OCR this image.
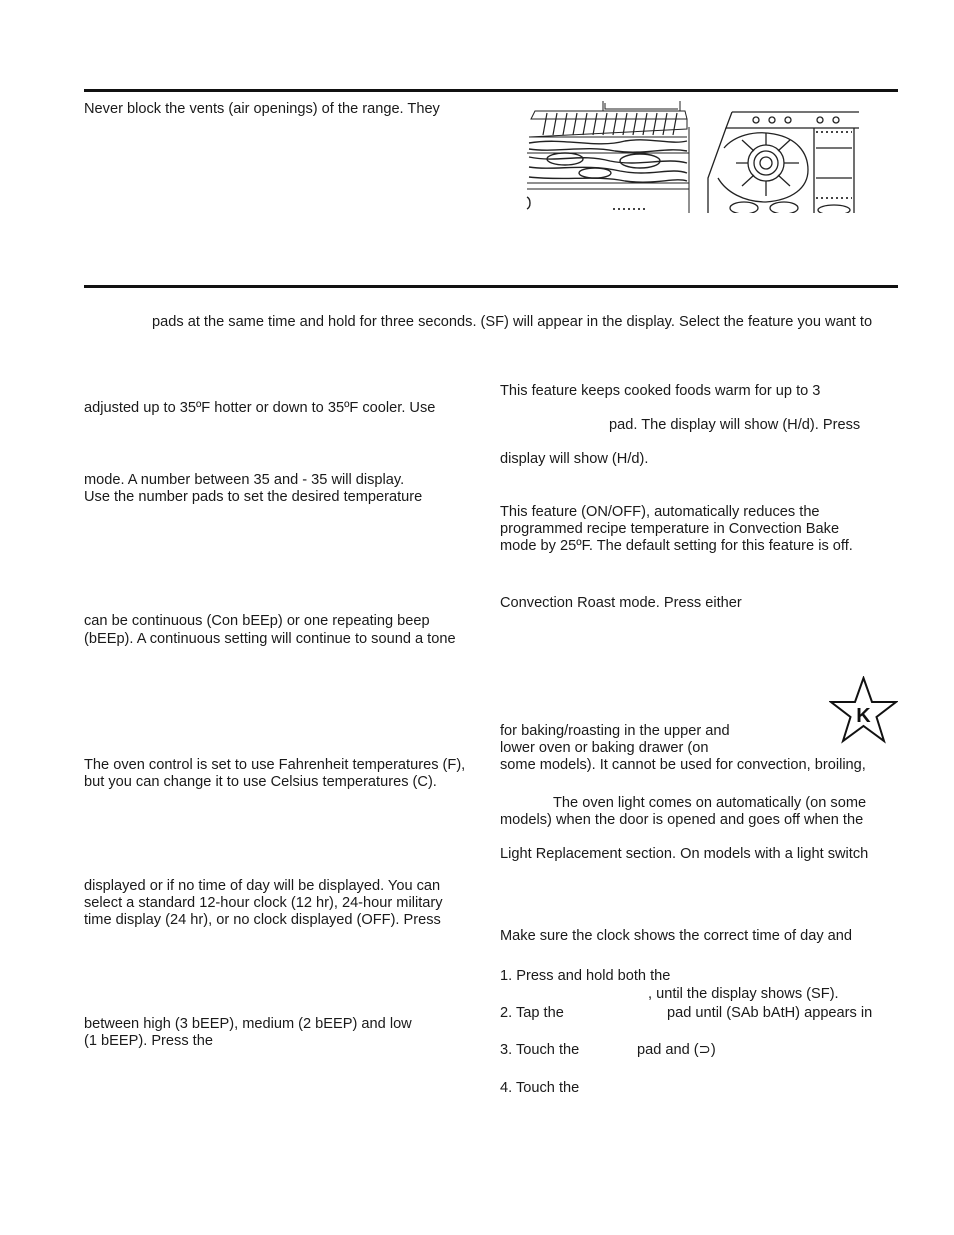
Never block the vents (air openings) of the range. They
pads at the same time and hold for three seconds. (SF) will appear in the display. Select the feature you want to
adjusted up to 35ºF hotter or down to 35ºF cooler. Use
mode. A number between 35 and - 35 will display.
Use the number pads to set the desired temperature
can be continuous (Con bEEp) or one repeating beep
(bEEp). A continuous setting will continue to sound a tone
The oven control is set to use Fahrenheit temperatures (F),
but you can change it to use Celsius temperatures (C).
displayed or if no time of day will be displayed. You can
select a standard 12-hour clock (12 hr), 24-hour military
time display (24 hr), or no clock displayed (OFF). Press
between high (3 bEEP), medium (2 bEEP) and low
(1 bEEP). Press the
This feature keeps cooked foods warm for up to 3
pad. The display will show (H/d). Press
display will show (H/d).
This feature (ON/OFF), automatically reduces the
programmed recipe temperature in Convection Bake
mode by 25ºF. The default setting for this feature is off.
Convection Roast mode. Press either
K
for baking/roasting in the upper and
lower oven or baking drawer (on
some models). It cannot be used for convection, broiling,
The oven light comes on automatically (on some
models) when the door is opened and goes off when the
Light Replacement section. On models with a light switch
Make sure the clock shows the correct time of day and
1. Press and hold both the
, until the display shows (SF).
2. Tap the	pad until (SAb bAtH) appears in
3. Touch the	pad and (⊃)
4. Touch the
